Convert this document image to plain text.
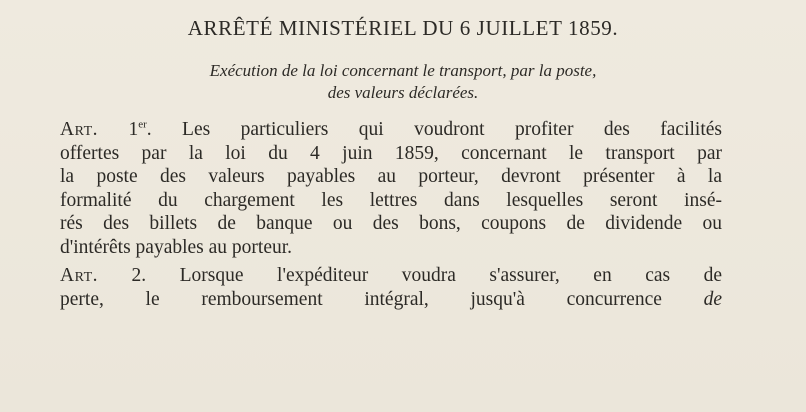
ARRÊTÉ MINISTÉRIEL DU 6 JUILLET 1859.
Exécution de la loi concernant le transport, par la poste,
des valeurs déclarées.

Art. 1er. Les particuliers qui voudront profiter des facilités
offertes par la loi du 4 juin 1859, concernant le transport par
la poste des valeurs payables au porteur, devront présenter à la
formalité du chargement les lettres dans lesquelles seront insé-
rés des billets de banque ou des bons, coupons de dividende ou
d'intérêts payables au porteur.

Art. 2. Lorsque l'expéditeur voudra s'assurer, en cas de
perte, le remboursement intégral, jusqu'à concurrence de
